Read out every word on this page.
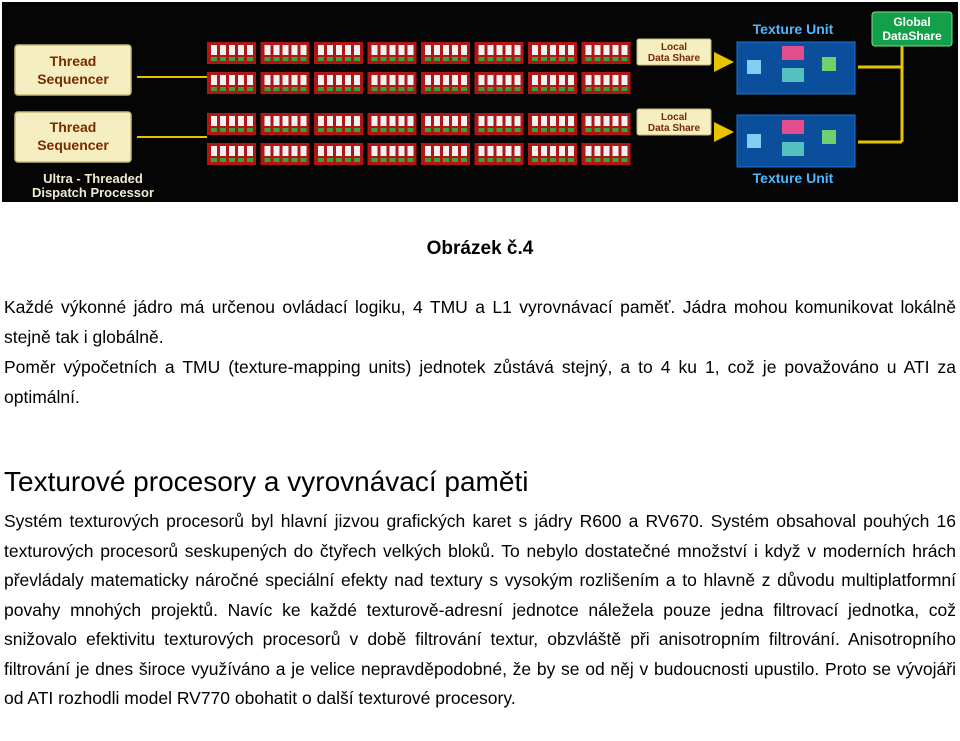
Thread
Sequencer
Thread
Sequencer
Ultra - Threaded
Dispatch Processor
Local
Data Share
Local
Data Share
Texture Unit
Texture Unit
Global
DataShare
Obrázek č.4

Každé výkonné jádro má určenou ovládací logiku, 4 TMU a L1 vyrovnávací paměť. Jádra mohou komunikovat lokálně stejně tak i globálně.

Poměr výpočetních a TMU (texture-mapping units) jednotek zůstává stejný, a to 4 ku 1, což je považováno u ATI za optimální.

Texturové procesory a vyrovnávací paměti

Systém texturových procesorů byl hlavní jizvou grafických karet s jádry R600 a RV670. Systém obsahoval pouhých 16 texturových procesorů seskupených do čtyřech velkých bloků. To nebylo dostatečné množství i když v moderních hrách převládaly matematicky náročné speciální efekty nad textury s vysokým rozlišením a to hlavně z důvodu multiplatformní povahy mnohých projektů. Navíc ke každé texturově-adresní jednotce náležela pouze jedna filtrovací jednotka, což snižovalo efektivitu texturových procesorů v době filtrování textur, obzvláště při anisotropním filtrování. Anisotropního filtrování je dnes široce využíváno a je velice nepravděpodobné, že by se od něj v budoucnosti upustilo. Proto se vývojáři od ATI rozhodli model RV770 obohatit o další texturové procesory.
